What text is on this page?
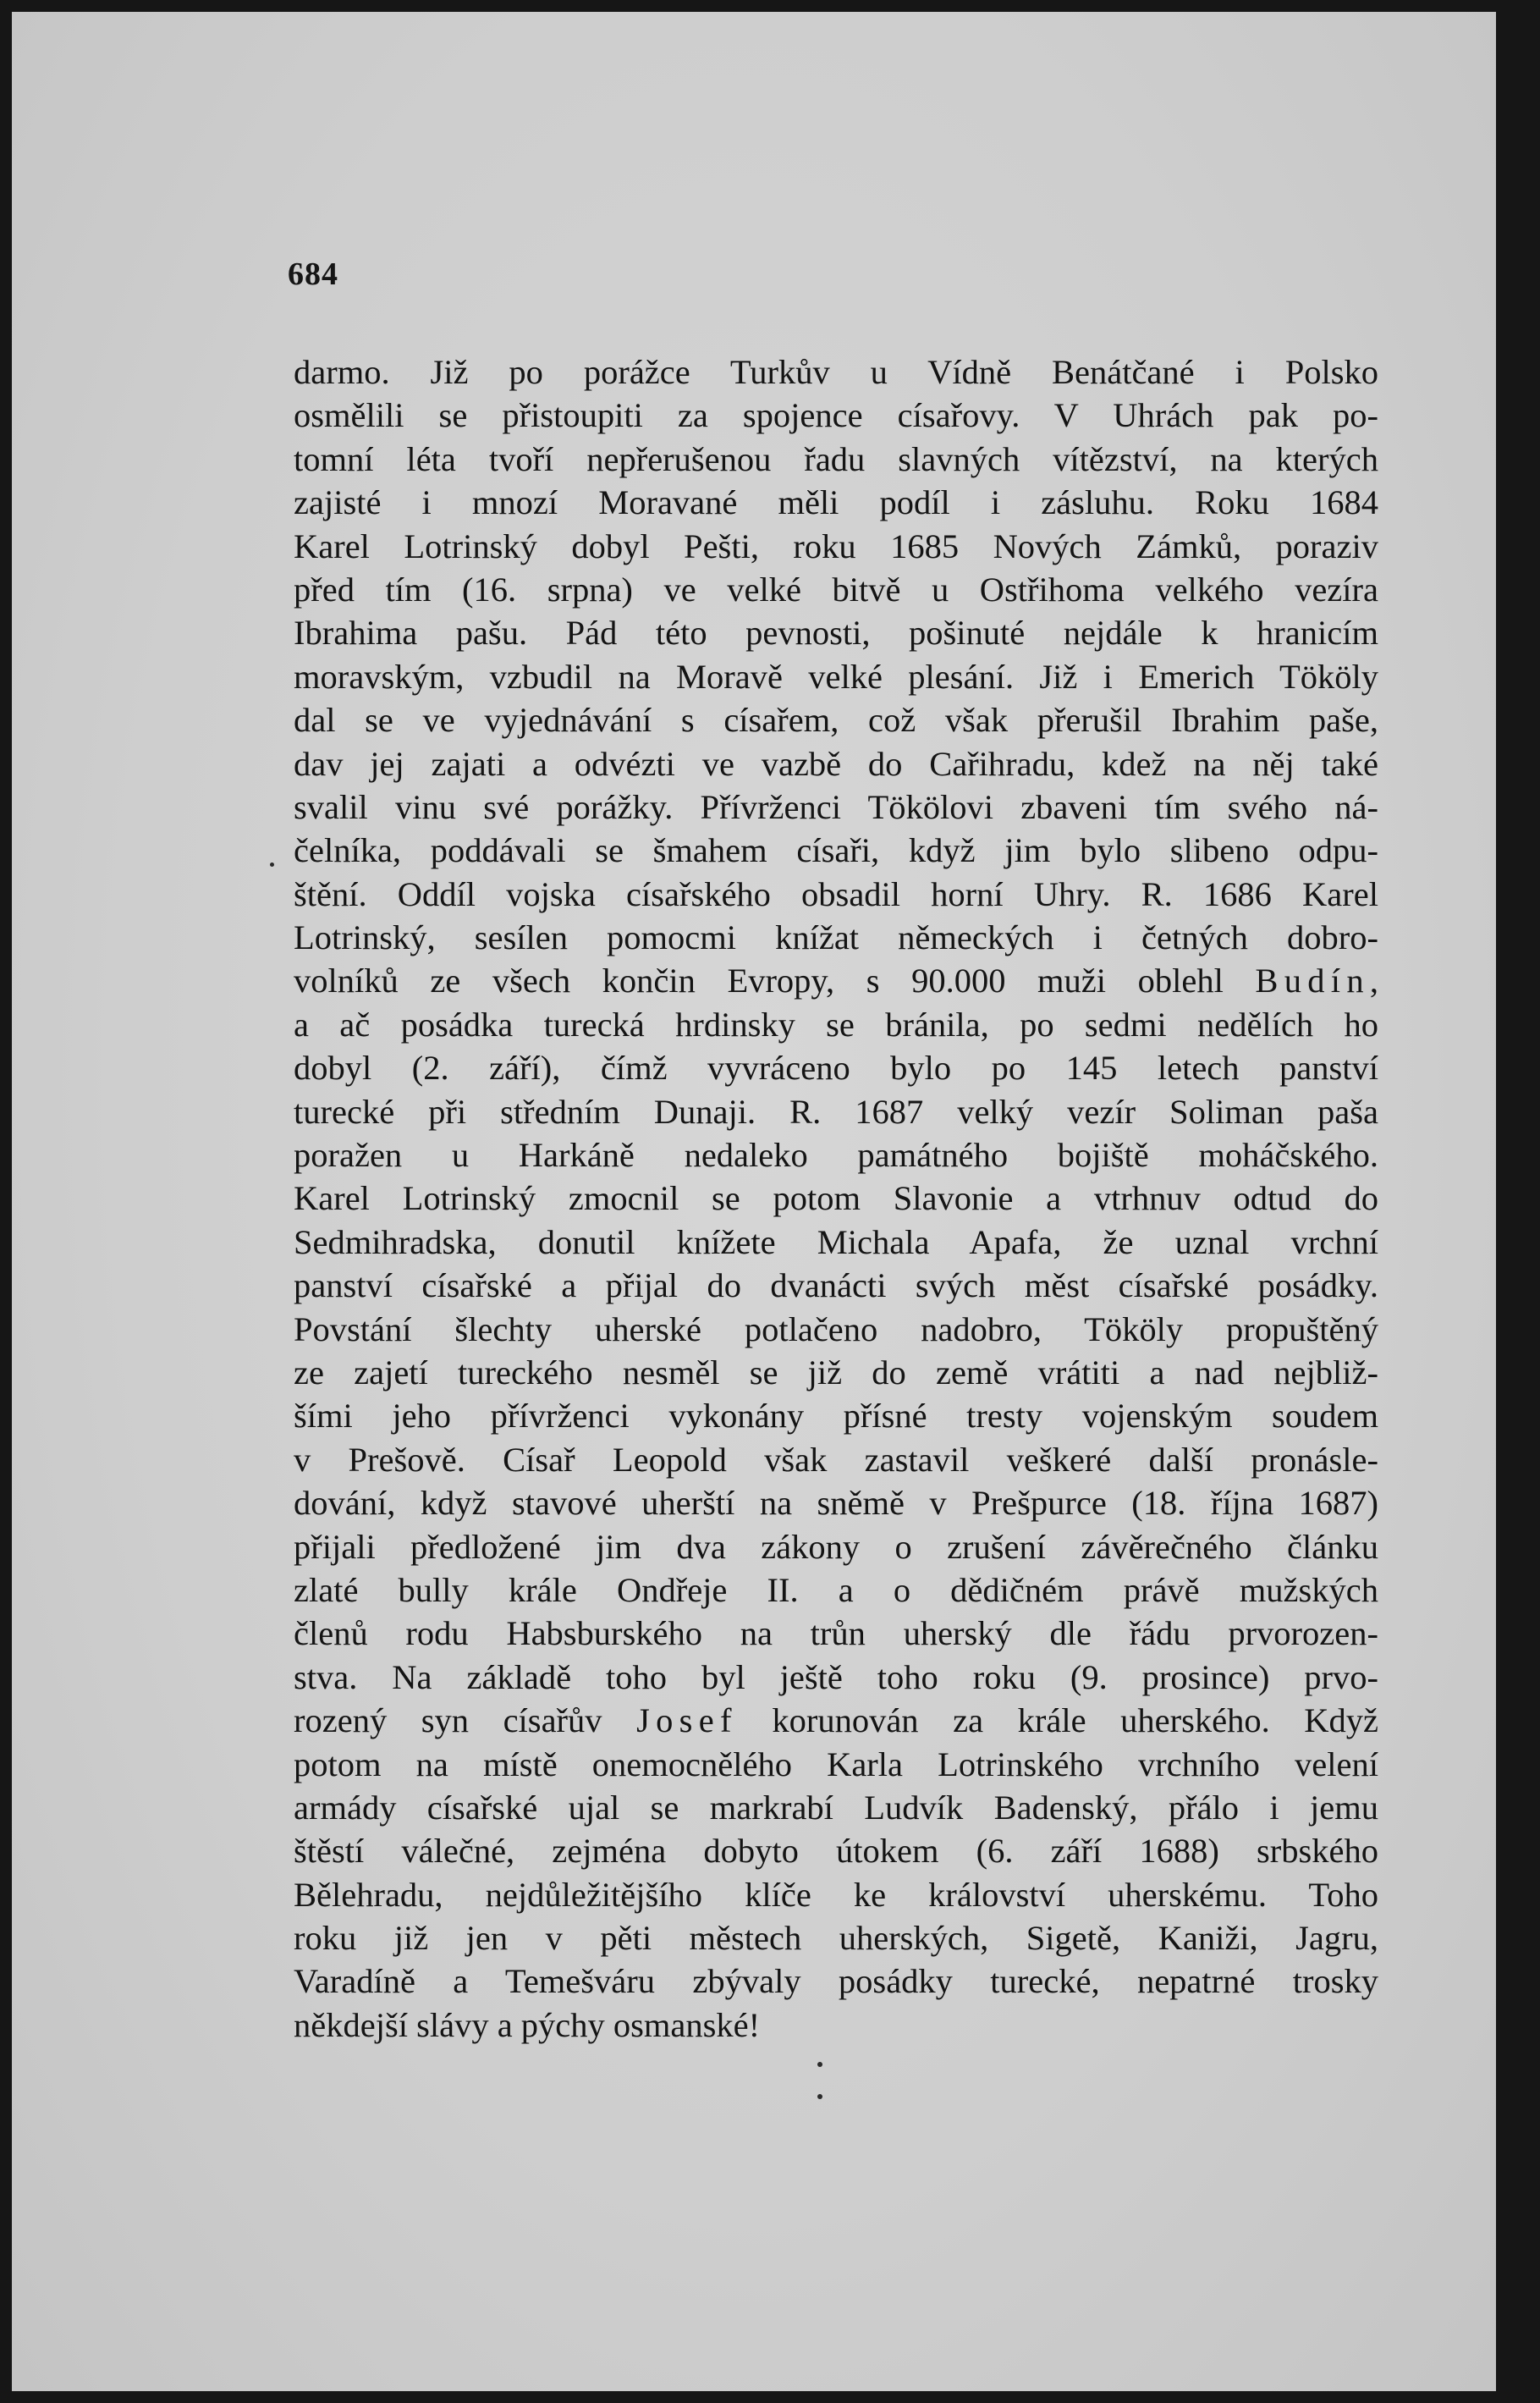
684
darmo. Již po porážce Turkův u Vídně Benátčané i Polsko
osmělili se přistoupiti za spojence císařovy. V Uhrách pak po-
tomní léta tvoří nepřerušenou řadu slavných vítězství, na kterých
zajisté i mnozí Moravané měli podíl i zásluhu. Roku 1684
Karel Lotrinský dobyl Pešti, roku 1685 Nových Zámků, poraziv
před tím (16. srpna) ve velké bitvě u Ostřihoma velkého vezíra
Ibrahima pašu. Pád této pevnosti, pošinuté nejdále k hranicím
moravským, vzbudil na Moravě velké plesání. Již i Emerich Tököly
dal se ve vyjednávání s císařem, což však přerušil Ibrahim paše,
dav jej zajati a odvézti ve vazbě do Cařihradu, kdež na něj také
svalil vinu své porážky. Přívrženci Tökölovi zbaveni tím svého ná-
čelníka, poddávali se šmahem císaři, když jim bylo slibeno odpu-
štění. Oddíl vojska císařského obsadil horní Uhry. R. 1686 Karel
Lotrinský, sesílen pomocmi knížat německých i četných dobro-
volníků ze všech končin Evropy, s 90.000 muži oblehl Budín,
a ač posádka turecká hrdinsky se bránila, po sedmi nedělích ho
dobyl (2. září), čímž vyvráceno bylo po 145 letech panství
turecké při středním Dunaji. R. 1687 velký vezír Soliman paša
poražen u Harkáně nedaleko památného bojiště moháčského.
Karel Lotrinský zmocnil se potom Slavonie a vtrhnuv odtud do
Sedmihradska, donutil knížete Michala Apafa, že uznal vrchní
panství císařské a přijal do dvanácti svých měst císařské posádky.
Povstání šlechty uherské potlačeno nadobro, Tököly propuštěný
ze zajetí tureckého nesměl se již do země vrátiti a nad nejbliž-
šími jeho přívrženci vykonány přísné tresty vojenským soudem
v Prešově. Císař Leopold však zastavil veškeré další pronásle-
dování, když stavové uherští na sněmě v Prešpurce (18. října 1687)
přijali předložené jim dva zákony o zrušení závěrečného článku
zlaté bully krále Ondřeje II. a o dědičném právě mužských
členů rodu Habsburského na trůn uherský dle řádu prvorozen-
stva. Na základě toho byl ještě toho roku (9. prosince) prvo-
rozený syn císařův Josef korunován za krále uherského. Když
potom na místě onemocnělého Karla Lotrinského vrchního velení
armády císařské ujal se markrabí Ludvík Badenský, přálo i jemu
štěstí válečné, zejména dobyto útokem (6. září 1688) srbského
Bělehradu, nejdůležitějšího klíče ke království uherskému. Toho
roku již jen v pěti městech uherských, Sigetě, Kaniži, Jagru,
Varadíně a Temešváru zbývaly posádky turecké, nepatrné trosky
někdejší slávy a pýchy osmanské!
